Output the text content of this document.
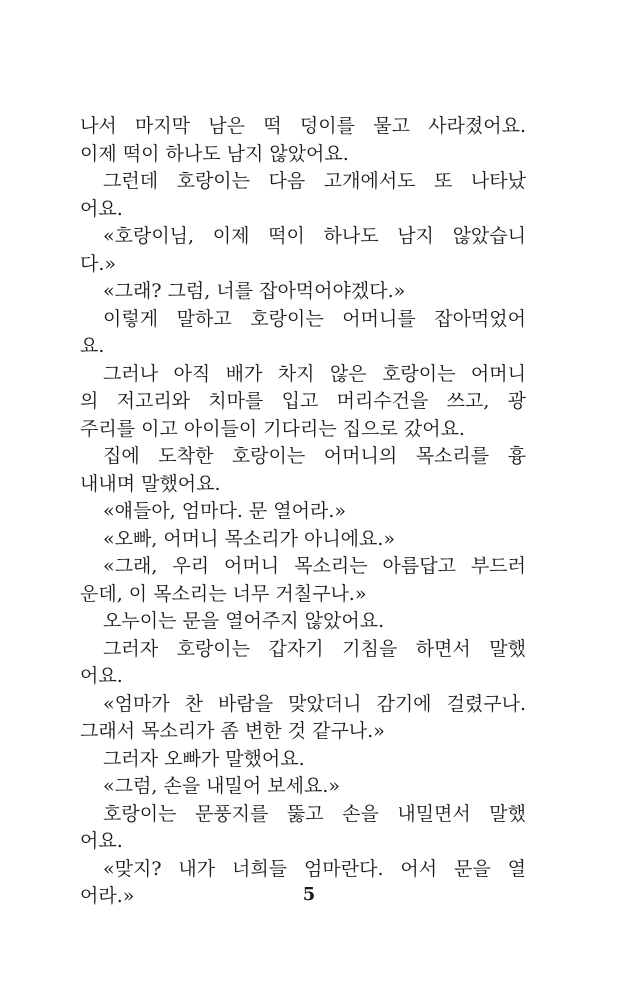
나서 마지막 남은 떡 덩이를 물고 사라졌어요.
이제 떡이 하나도 남지 않았어요.
그런데 호랑이는 다음 고개에서도 또 나타났
어요.
«호랑이님, 이제 떡이 하나도 남지 않았습니
다.»
«그래? 그럼, 너를 잡아먹어야겠다.»
이렇게 말하고 호랑이는 어머니를 잡아먹었어
요.
그러나 아직 배가 차지 않은 호랑이는 어머니
의 저고리와 치마를 입고 머리수건을 쓰고, 광
주리를 이고 아이들이 기다리는 집으로 갔어요.
집에 도착한 호랑이는 어머니의 목소리를 흉
내내며 말했어요.
«얘들아, 엄마다. 문 열어라.»
«오빠, 어머니 목소리가 아니에요.»
«그래, 우리 어머니 목소리는 아름답고 부드러
운데, 이 목소리는 너무 거칠구나.»
오누이는 문을 열어주지 않았어요.
그러자 호랑이는 갑자기 기침을 하면서 말했
어요.
«엄마가 찬 바람을 맞았더니 감기에 걸렸구나.
그래서 목소리가 좀 변한 것 같구나.»
그러자 오빠가 말했어요.
«그럼, 손을 내밀어 보세요.»
호랑이는 문풍지를 뚫고 손을 내밀면서 말했
어요.
«맞지? 내가 너희들 엄마란다. 어서 문을 열
어라.»	5
